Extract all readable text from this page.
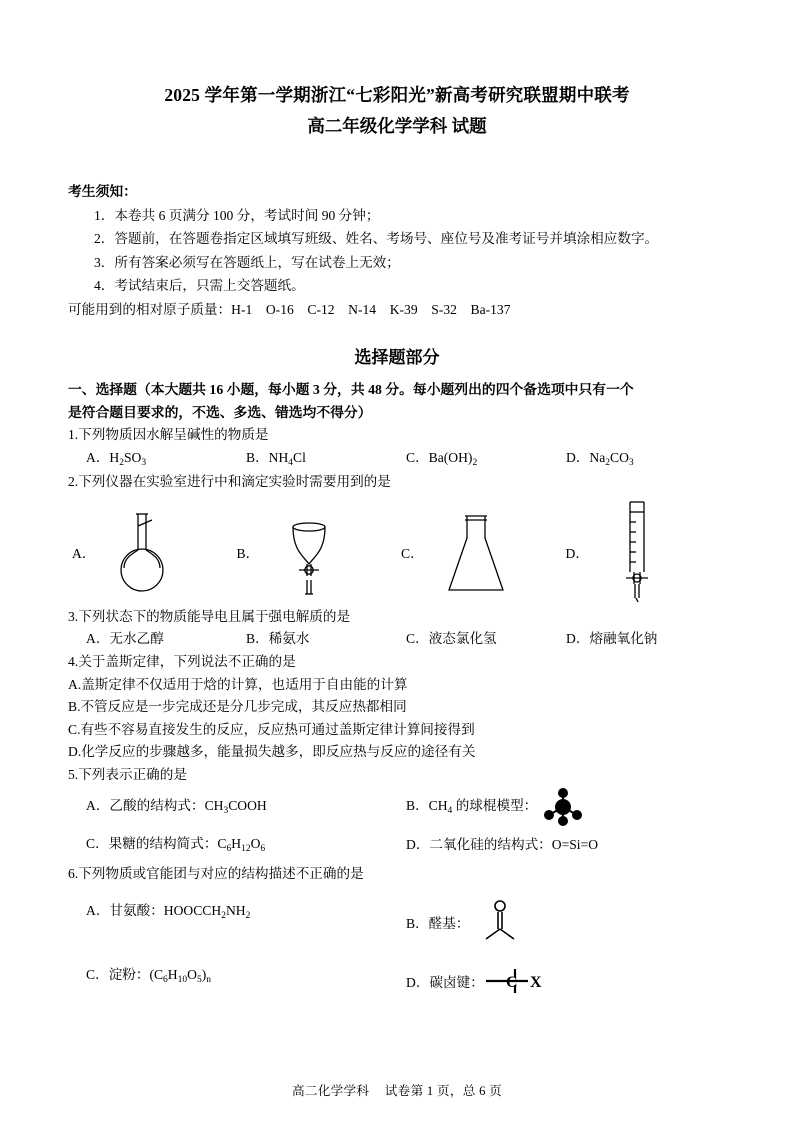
2025 学年第一学期浙江“七彩阳光”新高考研究联盟期中联考
高二年级化学学科 试题
考生须知：
1．本卷共 6 页满分 100 分，考试时间 90 分钟；
2．答题前，在答题卷指定区域填写班级、姓名、考场号、座位号及准考证号并填涂相应数字。
3．所有答案必须写在答题纸上，写在试卷上无效；
4．考试结束后，只需上交答题纸。
可能用到的相对原子质量：H-1　O-16　C-12　N-14　K-39　S-32　Ba-137
选择题部分
一、选择题（本大题共 16 小题，每小题 3 分，共 48 分。每小题列出的四个备选项中只有一个
是符合题目要求的，不选、多选、错选均不得分）
1.下列物质因水解呈碱性的物质是
A．$H_2SO_3$	B．$NH_4Cl$	C．$Ba(OH)_2$	D．$Na_2CO_3$
2.下列仪器在实验室进行中和滴定实验时需要用到的是
A．	B．	C．	D．
3.下列状态下的物质能导电且属于强电解质的是
A．无水乙醇	B．稀氨水	C．液态氯化氢	D．熔融氧化钠
4.关于盖斯定律，下列说法不正确的是
A.盖斯定律不仅适用于焓的计算，也适用于自由能的计算
B.不管反应是一步完成还是分几步完成，其反应热都相同
C.有些不容易直接发生的反应，反应热可通过盖斯定律计算间接得到
D.化学反应的步骤越多，能量损失越多，即反应热与反应的途径有关
5.下列表示正确的是
A．乙酸的结构式：$CH_3COOH$	B．$CH_4$ 的球棍模型：
C．果糖的结构简式：$C_6H_{12}O_6$	D．二氧化硅的结构式：O=Si=O
6.下列物质或官能团与对应的结构描述不正确的是
A．甘氨酸：$HOOCCH_2NH_2$
B．醛基：
C．淀粉：$(C_6H_{10}O_5)_n$	D．碳卤键： C X
高二化学学科 试卷第 1 页，总 6 页
